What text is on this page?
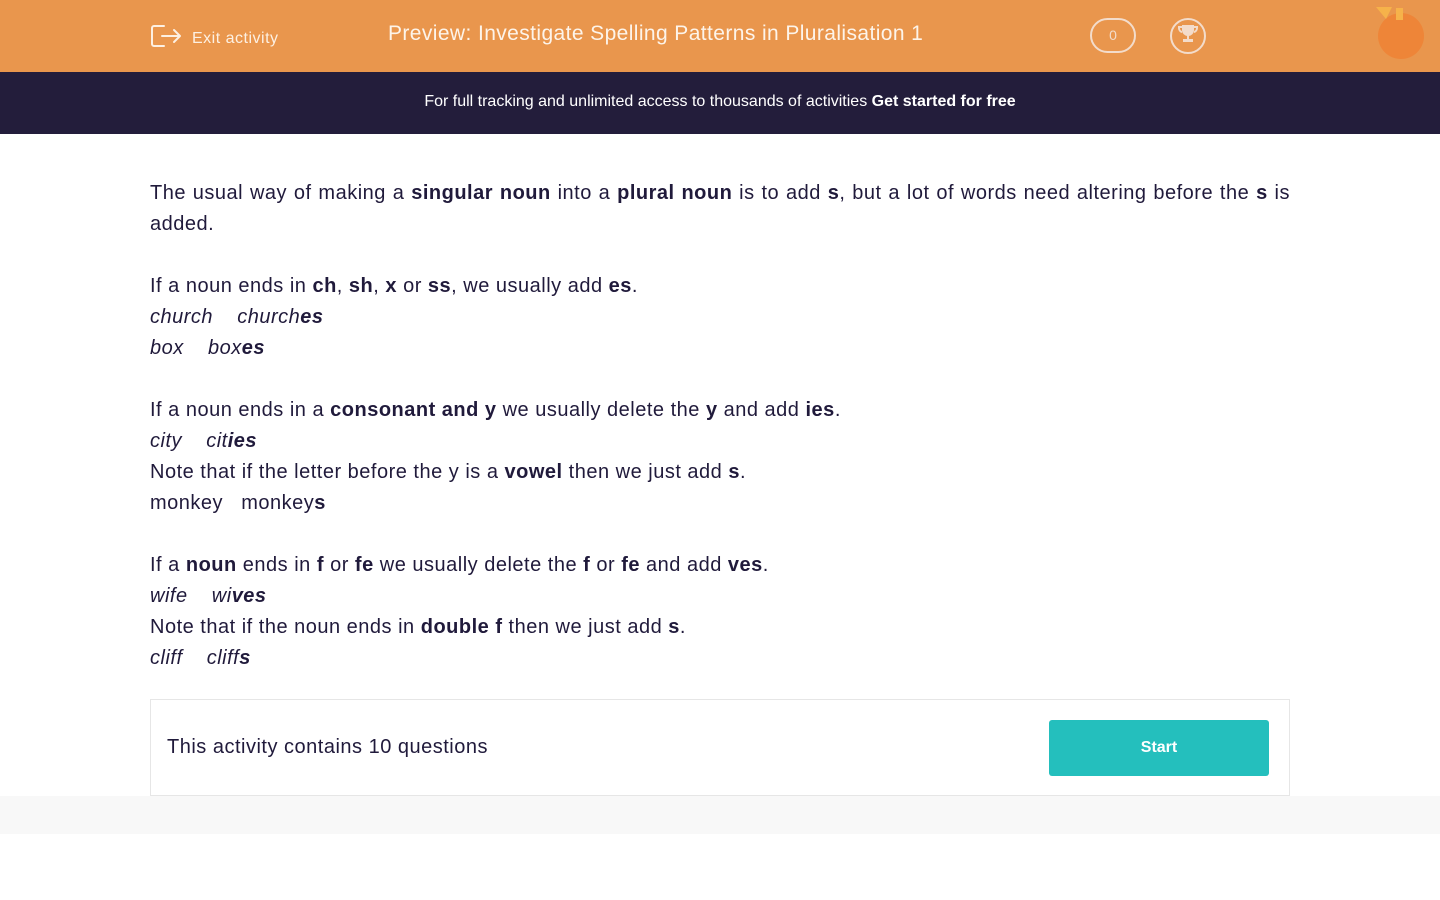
Exit activity	Preview: Investigate Spelling Patterns in Pluralisation 1	0
For full tracking and unlimited access to thousands of activities Get started for free
The usual way of making a singular noun into a plural noun is to add s, but a lot of words need altering before the s is added.
If a noun ends in ch, sh, x or ss, we usually add es.
church    churches
box    boxes
If a noun ends in a consonant and y we usually delete the y and add ies.
city    cities
Note that if the letter before the y is a vowel then we just add s.
monkey   monkeys
If a noun ends in f or fe we usually delete the f or fe and add ves.
wife    wives
Note that if the noun ends in double f then we just add s.
cliff    cliffs
This activity contains 10 questions	Start
